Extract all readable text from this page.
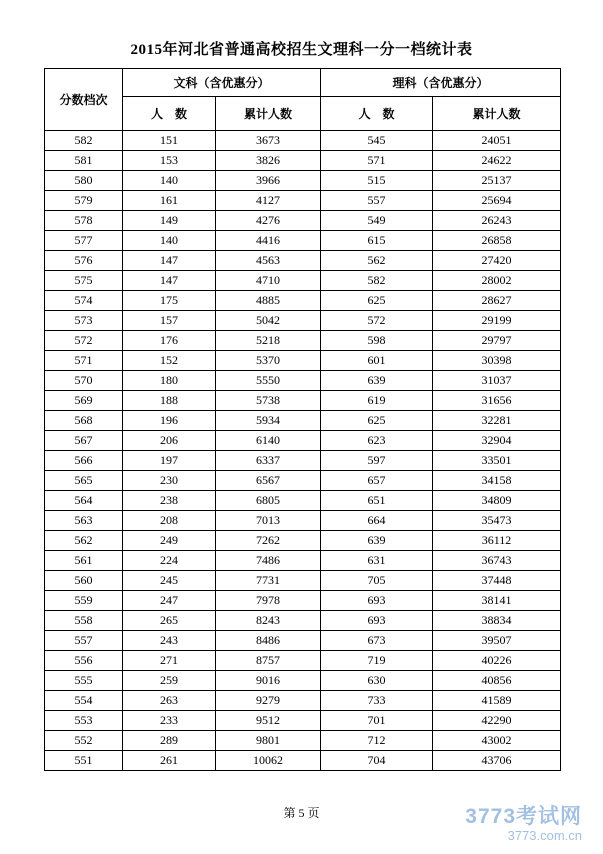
2015年河北省普通高校招生文理科一分一档统计表
分数档次	文科（含优惠分）		理科（含优惠分）	
	人　数	累计人数	人　数	累计人数
582	151	3673	545	24051
581	153	3826	571	24622
580	140	3966	515	25137
579	161	4127	557	25694
578	149	4276	549	26243
577	140	4416	615	26858
576	147	4563	562	27420
575	147	4710	582	28002
574	175	4885	625	28627
573	157	5042	572	29199
572	176	5218	598	29797
571	152	5370	601	30398
570	180	5550	639	31037
569	188	5738	619	31656
568	196	5934	625	32281
567	206	6140	623	32904
566	197	6337	597	33501
565	230	6567	657	34158
564	238	6805	651	34809
563	208	7013	664	35473
562	249	7262	639	36112
561	224	7486	631	36743
560	245	7731	705	37448
559	247	7978	693	38141
558	265	8243	693	38834
557	243	8486	673	39507
556	271	8757	719	40226
555	259	9016	630	40856
554	263	9279	733	41589
553	233	9512	701	42290
552	289	9801	712	43002
551	261	10062	704	43706
第 5 页	3773考试网
3773.com.cn
